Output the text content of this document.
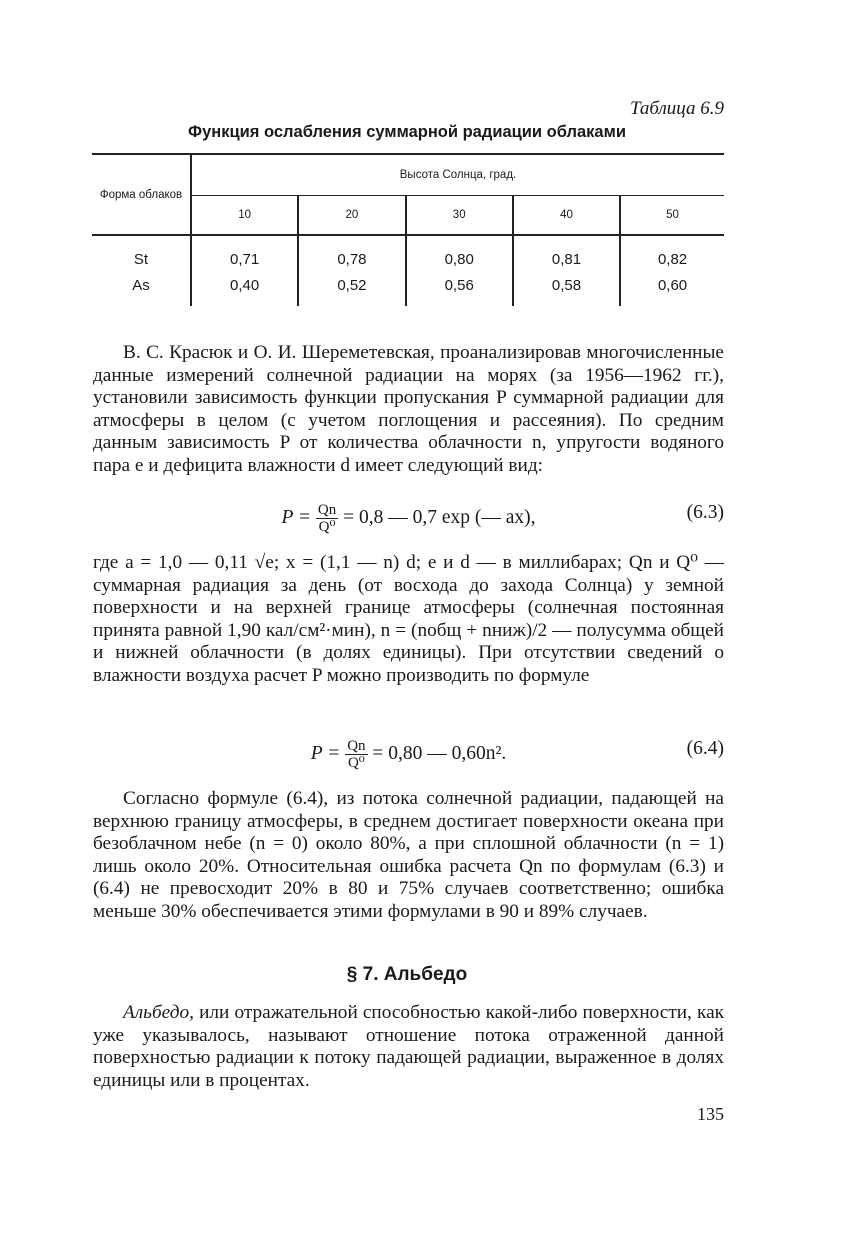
Таблица 6.9
Функция ослабления суммарной радиации облаками
Форма облаков	Высота Солнца, град.				
	10	20	30	40	50
St	0,71	0,78	0,80	0,81	0,82
As	0,40	0,52	0,56	0,58	0,60
В. С. Красюк и О. И. Шереметевская, проанализировав многочисленные данные измерений солнечной радиации на морях (за 1956—1962 гг.), установили зависимость функции пропускания P суммарной радиации для атмосферы в целом (с учетом поглощения и рассеяния). По средним данным зависимость P от количества облачности n, упругости водяного пара e и дефицита влажности d имеет следующий вид:
$P = \frac{Qn}{\text{Q⁰}} = 0,8$ — 0,7 exp (— ax),	(6.3)
где a = 1,0 — 0,11 √e; x = (1,1 — n) d; e и d — в миллибарах; Qn и Q⁰ — суммарная радиация за день (от восхода до захода Солнца) у земной поверхности и на верхней границе атмосферы (солнечная постоянная принята равной 1,90 кал/см²·мин), n = (nобщ + nниж)/2 — полусумма общей и нижней облачности (в долях единицы). При отсутствии сведений о влажности воздуха расчет P можно производить по формуле
$P = \frac{Qn}{\text{Q⁰}} = 0,80$ — 0,60n².	(6.4)
Согласно формуле (6.4), из потока солнечной радиации, падающей на верхнюю границу атмосферы, в среднем достигает поверхности океана при безоблачном небе (n = 0) около 80%, а при сплошной облачности (n = 1) лишь около 20%. Относительная ошибка расчета Qn по формулам (6.3) и (6.4) не превосходит 20% в 80 и 75% случаев соответственно; ошибка меньше 30% обеспечивается этими формулами в 90 и 89% случаев.
§ 7. Альбедо
Альбедо, или отражательной способностью какой-либо поверхности, как уже указывалось, называют отношение потока отраженной данной поверхностью радиации к потоку падающей радиации, выраженное в долях единицы или в процентах.
135
